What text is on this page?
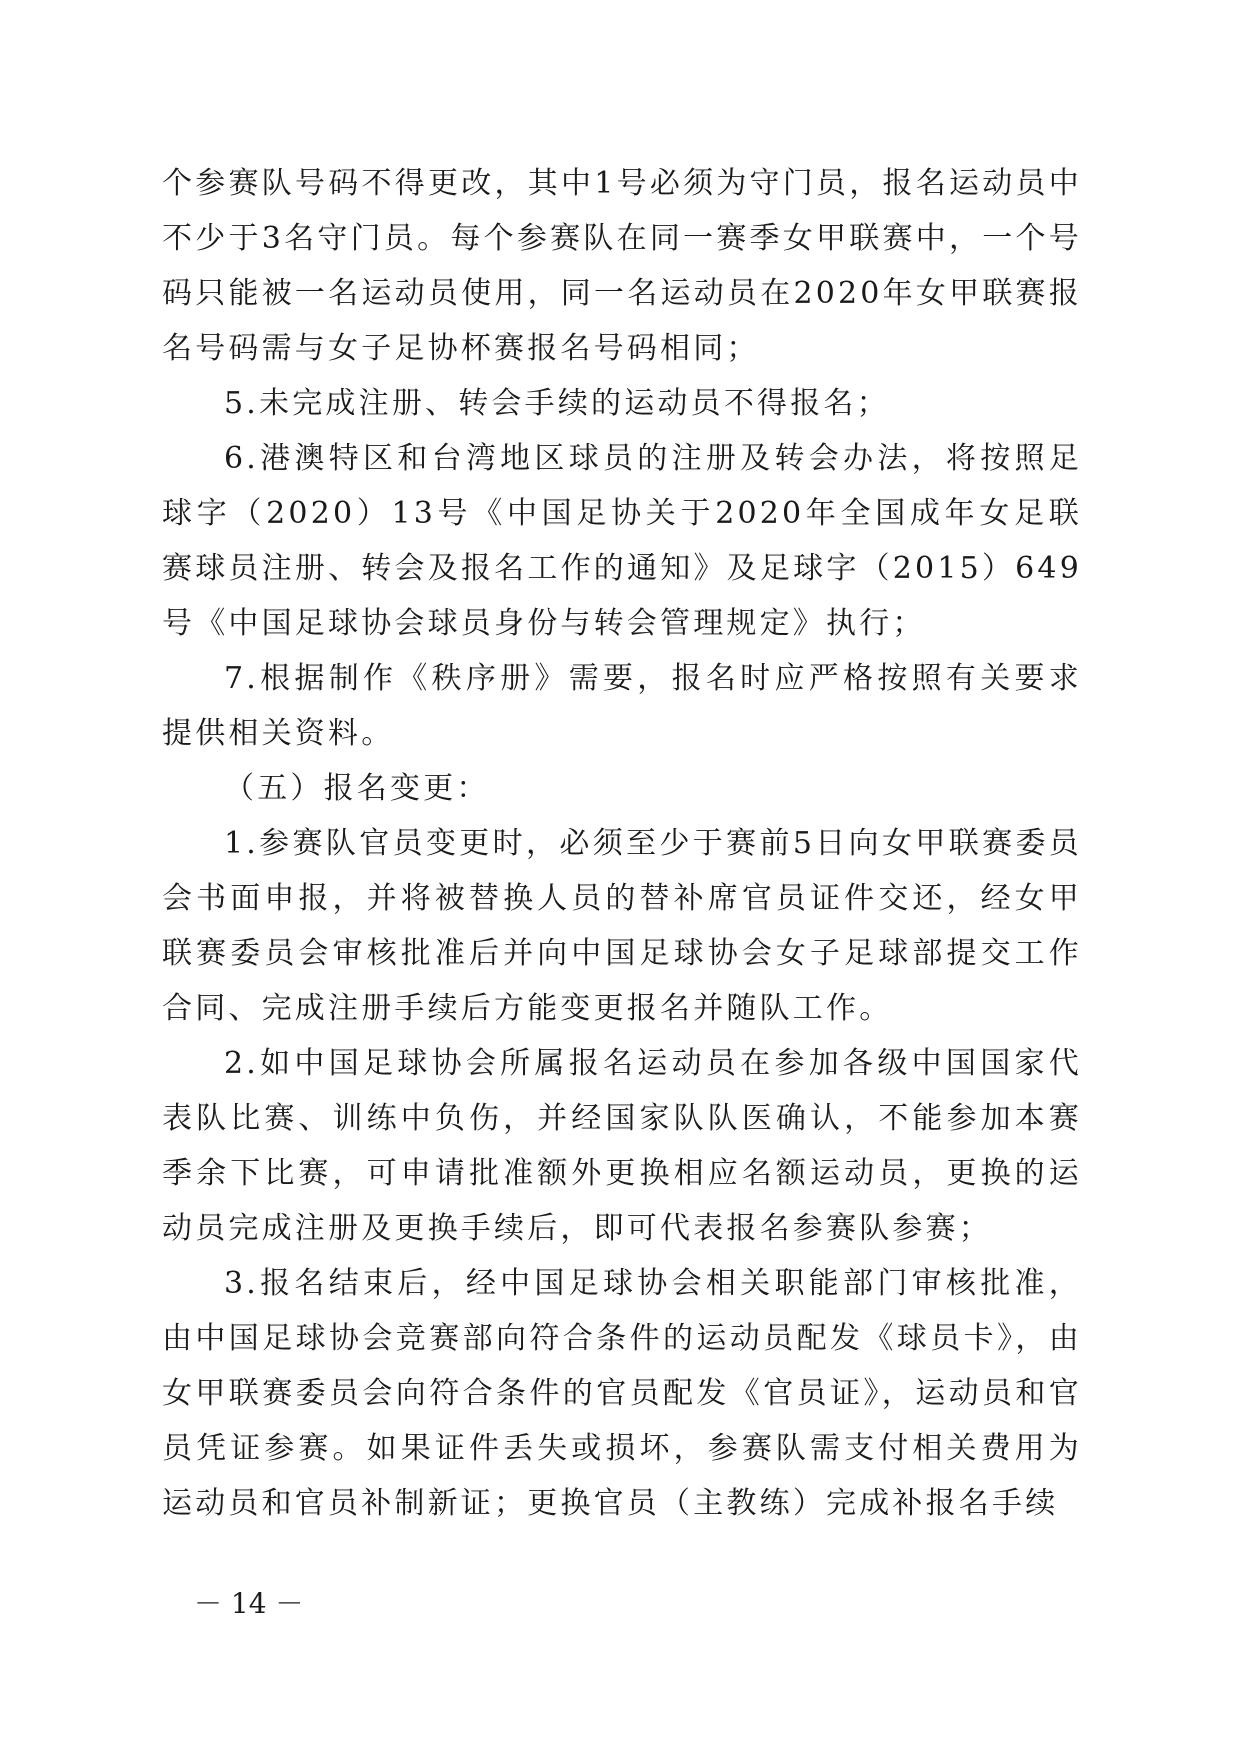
个参赛队号码不得更改，其中1号必须为守门员，报名运动员中不少于3名守门员。每个参赛队在同一赛季女甲联赛中，一个号码只能被一名运动员使用，同一名运动员在2020年女甲联赛报名号码需与女子足协杯赛报名号码相同；

5.未完成注册、转会手续的运动员不得报名；

6.港澳特区和台湾地区球员的注册及转会办法，将按照足球字（2020）13号《中国足协关于2020年全国成年女足联赛球员注册、转会及报名工作的通知》及足球字（2015）649号《中国足球协会球员身份与转会管理规定》执行；

7.根据制作《秩序册》需要，报名时应严格按照有关要求提供相关资料。

（五）报名变更：

1.参赛队官员变更时，必须至少于赛前5日向女甲联赛委员会书面申报，并将被替换人员的替补席官员证件交还，经女甲联赛委员会审核批准后并向中国足球协会女子足球部提交工作合同、完成注册手续后方能变更报名并随队工作。

2.如中国足球协会所属报名运动员在参加各级中国国家代表队比赛、训练中负伤，并经国家队队医确认，不能参加本赛季余下比赛，可申请批准额外更换相应名额运动员，更换的运动员完成注册及更换手续后，即可代表报名参赛队参赛；

3.报名结束后，经中国足球协会相关职能部门审核批准，由中国足球协会竞赛部向符合条件的运动员配发《球员卡》，由女甲联赛委员会向符合条件的官员配发《官员证》，运动员和官员凭证参赛。如果证件丢失或损坏，参赛队需支付相关费用为运动员和官员补制新证；更换官员（主教练）完成补报名手续

－ 14 －
